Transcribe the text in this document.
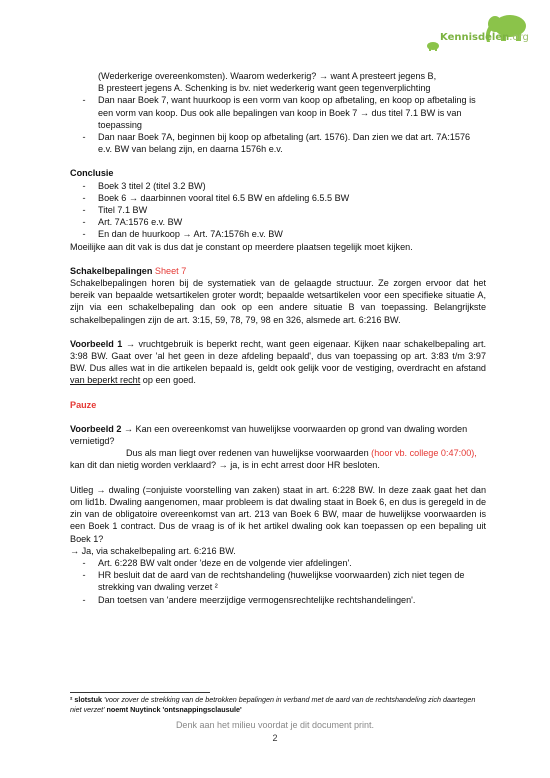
Kennisdelen.org

(Wederkerige overeenkomsten). Waarom wederkerig? → want A presteert jegens B,

B presteert jegens A. Schenking is bv. niet wederkerig want geen tegenverplichting

-	Dan naar Boek 7, want huurkoop is een vorm van koop op afbetaling, en koop op afbetaling is een vorm van koop. Dus ook alle bepalingen van koop in Boek 7 → dus titel 7.1 BW is van toepassing
-	Dan naar Boek 7A, beginnen bij koop op afbetaling (art. 1576). Dan zien we dat art. 7A:1576 e.v. BW van belang zijn, en daarna 1576h e.v.

Conclusie

-	Boek 3 titel 2 (titel 3.2 BW)
-	Boek 6 → daarbinnen vooral titel 6.5 BW en afdeling 6.5.5 BW
-	Titel 7.1 BW
-	Art. 7A:1576 e.v. BW
-	En dan de huurkoop → Art. 7A:1576h e.v. BW

Moeilijke aan dit vak is dus dat je constant op meerdere plaatsen tegelijk moet kijken.

Schakelbepalingen Sheet 7

Schakelbepalingen horen bij de systematiek van de gelaagde structuur. Ze zorgen ervoor dat het bereik van bepaalde wetsartikelen groter wordt; bepaalde wetsartikelen voor een specifieke situatie A, zijn via een schakelbepaling dan ook op een andere situatie B van toepassing. Belangrijkste schakelbepalingen zijn de art. 3:15, 59, 78, 79, 98 en 326, alsmede art. 6:216 BW.

Voorbeeld 1 → vruchtgebruik is beperkt recht, want geen eigenaar. Kijken naar schakelbepaling art. 3:98 BW. Gaat over 'al het geen in deze afdeling bepaald', dus van toepassing op art. 3:83 t/m 3:97 BW. Dus alles wat in die artikelen bepaald is, geldt ook gelijk voor de vestiging, overdracht en afstand van beperkt recht op een goed.

Pauze

Voorbeeld 2 → Kan een overeenkomst van huwelijkse voorwaarden op grond van dwaling worden vernietigd?

Dus als man liegt over redenen van huwelijkse voorwaarden (hoor vb. college 0:47:00), kan dit dan nietig worden verklaard? → ja, is in echt arrest door HR besloten.

Uitleg → dwaling (=onjuiste voorstelling van zaken) staat in art. 6:228 BW. In deze zaak gaat het dan om lid1b. Dwaling aangenomen, maar probleem is dat dwaling staat in Boek 6, en dus is geregeld in de zin van de obligatoire overeenkomst van art. 213 van Boek 6 BW, maar de huwelijkse voorwaarden is een Boek 1 contract. Dus de vraag is of ik het artikel dwaling ook kan toepassen op een bepaling uit Boek 1?

→ Ja, via schakelbepaling art. 6:216 BW.

-	Art. 6:228 BW valt onder 'deze en de volgende vier afdelingen'.
-	HR besluit dat de aard van de rechtshandeling (huwelijkse voorwaarden) zich niet tegen de strekking van dwaling verzet ²
-	Dan toetsen van 'andere meerzijdige vermogensrechtelijke rechtshandelingen'.
² slotstuk 'voor zover de strekking van de betrokken bepalingen in verband met de aard van de rechtshandeling zich daartegen niet verzet' noemt Nuytinck 'ontsnappingsclausule'
Denk aan het milieu voordat je dit document print.
2
